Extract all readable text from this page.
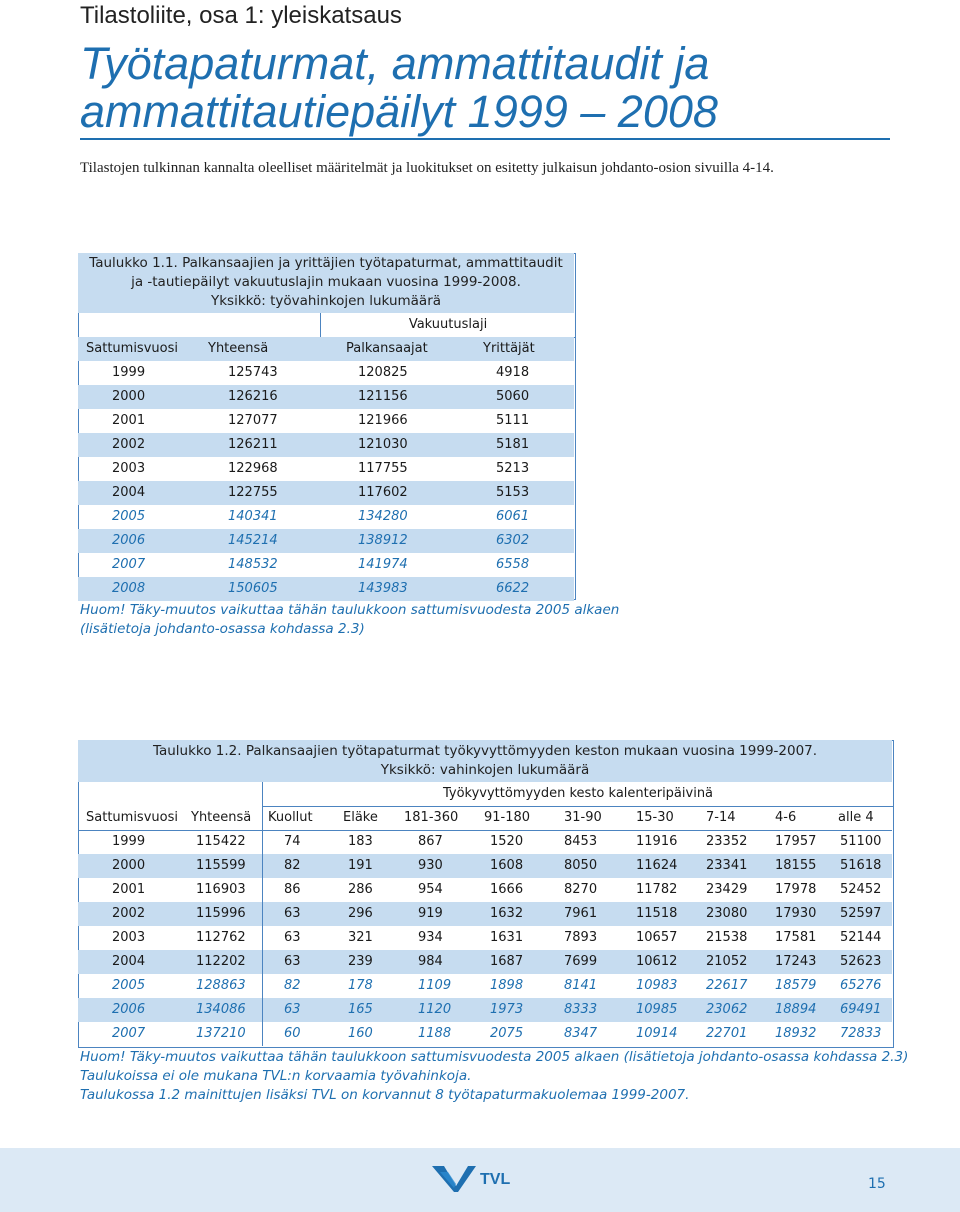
Tilastoliite, osa 1: yleiskatsaus
Työtapaturmat, ammattitaudit ja
ammattitautiepäilyt 1999 – 2008
Tilastojen tulkinnan kannalta oleelliset määritelmät ja luokitukset on esitetty julkaisun johdanto-osion sivuilla 4-14.
Taulukko 1.1. Palkansaajien ja yrittäjien työtapaturmat, ammattitaudit
ja -tautiepäilyt vakuutuslajin mukaan vuosina 1999-2008.
Yksikkö: työvahinkojen lukumäärä
Vakuutuslaji
Sattumisvuosi Yhteensä	Palkansaajat	Yrittäjät
1999	125743	120825	4918
2000	126216	121156	5060
2001	127077	121966	5111
2002	126211	121030	5181
2003	122968	117755	5213
2004	122755	117602	5153
2005	140341	134280	6061
2006	145214	138912	6302
2007	148532	141974	6558
2008	150605	143983	6622
Huom! Täky-muutos vaikuttaa tähän taulukkoon sattumisvuodesta 2005 alkaen
(lisätietoja johdanto-osassa kohdassa 2.3)
Taulukko 1.2. Palkansaajien työtapaturmat työkyvyttömyyden keston mukaan vuosina 1999-2007.
Yksikkö: vahinkojen lukumäärä
Työkyvyttömyyden kesto kalenteripäivinä
Sattumisvuosi Yhteensä Kuollut Eläke 181-360 91-180	31-90	15-30 7-14	4-6	alle 4
1999	115422	74	183	867	1520	8453	11916 23352 17957 51100
2000	115599	82	191	930	1608	8050	11624 23341 18155 51618
2001	116903	86	286	954	1666	8270	11782 23429 17978 52452
2002	115996	63	296	919	1632	7961	11518 23080 17930 52597
2003	112762	63	321	934	1631	7893	10657 21538 17581 52144
2004	112202	63	239	984	1687	7699	10612 21052 17243 52623
2005	128863	82	178	1109	1898	8141	10983 22617 18579 65276
2006	134086	63	165	1120	1973	8333	10985 23062 18894 69491
2007	137210	60	160	1188	2075	8347	10914 22701 18932 72833
Huom! Täky-muutos vaikuttaa tähän taulukkoon sattumisvuodesta 2005 alkaen (lisätietoja johdanto-osassa kohdassa 2.3)
Taulukoissa ei ole mukana TVL:n korvaamia työvahinkoja.
Taulukossa 1.2 mainittujen lisäksi TVL on korvannut 8 työtapaturmakuolemaa 1999-2007.
TVL	15
